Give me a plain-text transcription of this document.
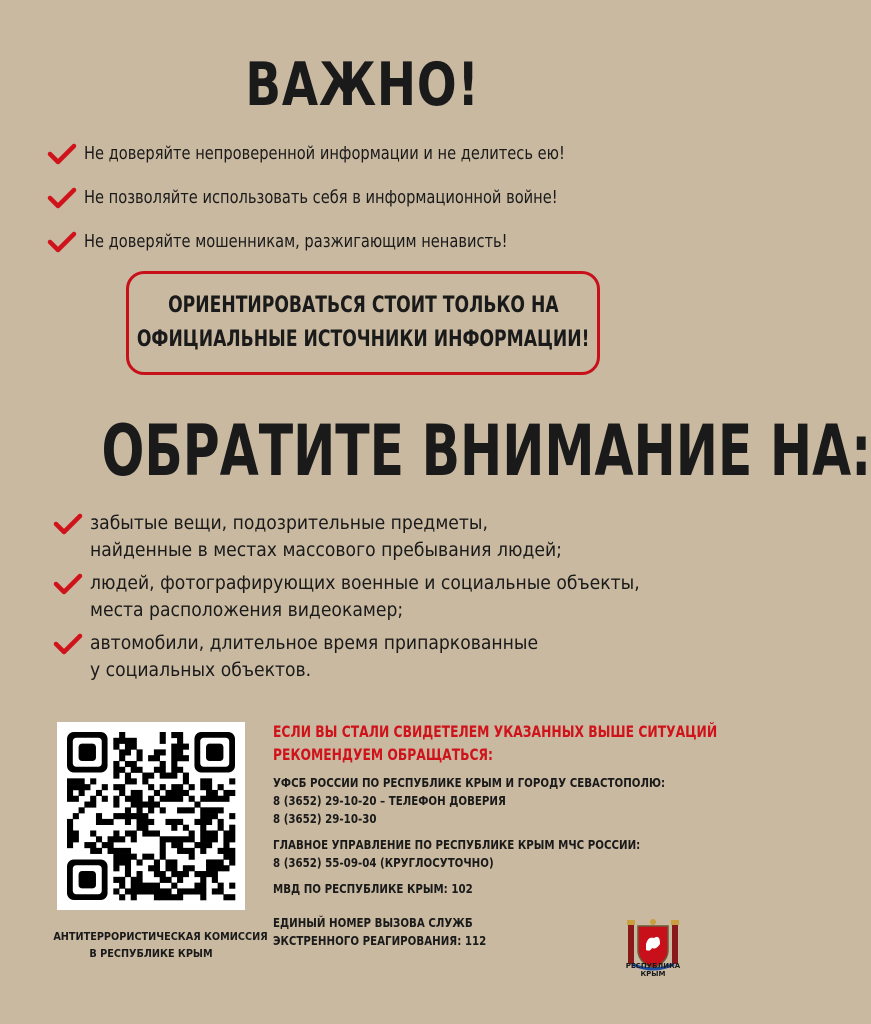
ВАЖНО!
Не доверяйте непроверенной информации и не делитесь ею!
Не позволяйте использовать себя в информационной войне!
Не доверяйте мошенникам, разжигающим ненависть!
ОРИЕНТИРОВАТЬСЯ СТОИТ ТОЛЬКО НА
ОФИЦИАЛЬНЫЕ ИСТОЧНИКИ ИНФОРМАЦИИ!
ОБРАТИТЕ ВНИМАНИЕ НА:
забытые вещи, подозрительные предметы,
найденные в местах массового пребывания людей;
людей, фотографирующих военные и социальные объекты,
места расположения видеокамер;
автомобили, длительное время припаркованные
у социальных объектов.
АНТИТЕРРОРИСТИЧЕСКАЯ КОМИССИЯ
В РЕСПУБЛИКЕ КРЫМ
ЕСЛИ ВЫ СТАЛИ СВИДЕТЕЛЕМ УКАЗАННЫХ ВЫШЕ СИТУАЦИЙ
РЕКОМЕНДУЕМ ОБРАЩАТЬСЯ:
УФСБ РОССИИ ПО РЕСПУБЛИКЕ КРЫМ И ГОРОДУ СЕВАСТОПОЛЮ:
8 (3652) 29-10-20 – ТЕЛЕФОН ДОВЕРИЯ
8 (3652) 29-10-30
ГЛАВНОЕ УПРАВЛЕНИЕ ПО РЕСПУБЛИКЕ КРЫМ МЧС РОССИИ:
8 (3652) 55-09-04 (КРУГЛОСУТОЧНО)
МВД ПО РЕСПУБЛИКЕ КРЫМ: 102
ЕДИНЫЙ НОМЕР ВЫЗОВА СЛУЖБ
ЭКСТРЕННОГО РЕАГИРОВАНИЯ: 112
РЕСПУБЛИКА
КРЫМ
